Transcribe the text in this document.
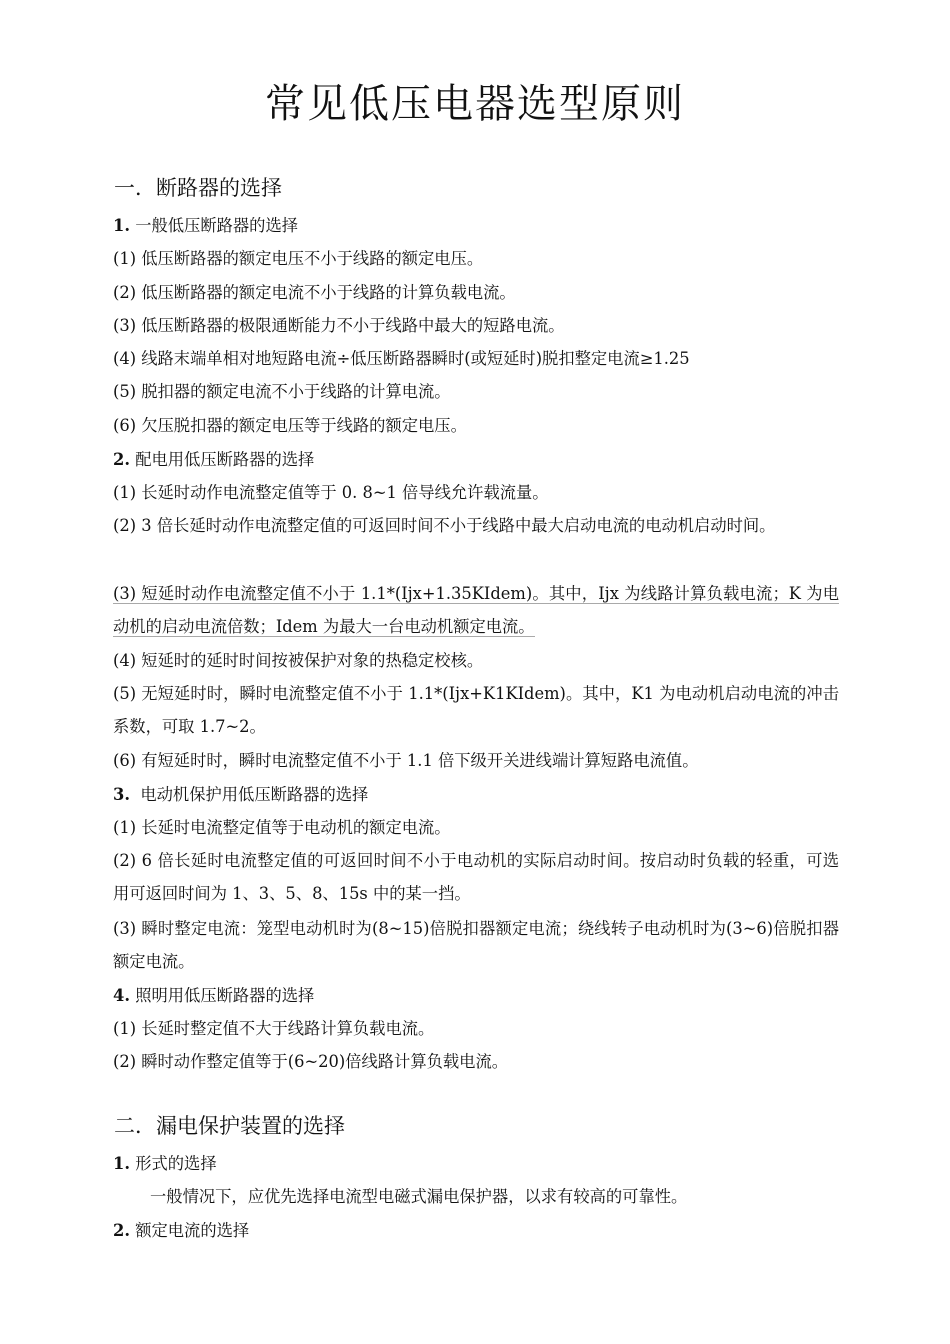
常见低压电器选型原则
一．断路器的选择
1. 一般低压断路器的选择
(1) 低压断路器的额定电压不小于线路的额定电压。
(2) 低压断路器的额定电流不小于线路的计算负载电流。
(3) 低压断路器的极限通断能力不小于线路中最大的短路电流。
(4) 线路末端单相对地短路电流÷低压断路器瞬时(或短延时)脱扣整定电流≥1.25
(5) 脱扣器的额定电流不小于线路的计算电流。
(6) 欠压脱扣器的额定电压等于线路的额定电压。
2. 配电用低压断路器的选择
(1) 长延时动作电流整定值等于 0. 8~1 倍导线允许载流量。
(2) 3 倍长延时动作电流整定值的可返回时间不小于线路中最大启动电流的电动机启动时间。
(3) 短延时动作电流整定值不小于 1.1*(Ijx+1.35KIdem)。其中，Ijx 为线路计算负载电流；K 为电动机的启动电流倍数；Idem 为最大一台电动机额定电流。
(4) 短延时的延时时间按被保护对象的热稳定校核。
(5) 无短延时时，瞬时电流整定值不小于 1.1*(Ijx+K1KIdem)。其中，K1 为电动机启动电流的冲击系数，可取 1.7~2。
(6) 有短延时时，瞬时电流整定值不小于 1.1 倍下级开关进线端计算短路电流值。
3. 电动机保护用低压断路器的选择
(1) 长延时电流整定值等于电动机的额定电流。
(2) 6 倍长延时电流整定值的可返回时间不小于电动机的实际启动时间。按启动时负载的轻重，可选用可返回时间为 1、3、5、8、15s 中的某一挡。
(3) 瞬时整定电流：笼型电动机时为(8~15)倍脱扣器额定电流；绕线转子电动机时为(3~6)倍脱扣器额定电流。
4. 照明用低压断路器的选择
(1) 长延时整定值不大于线路计算负载电流。
(2) 瞬时动作整定值等于(6~20)倍线路计算负载电流。
二．漏电保护装置的选择
1. 形式的选择
一般情况下，应优先选择电流型电磁式漏电保护器，以求有较高的可靠性。
2. 额定电流的选择
